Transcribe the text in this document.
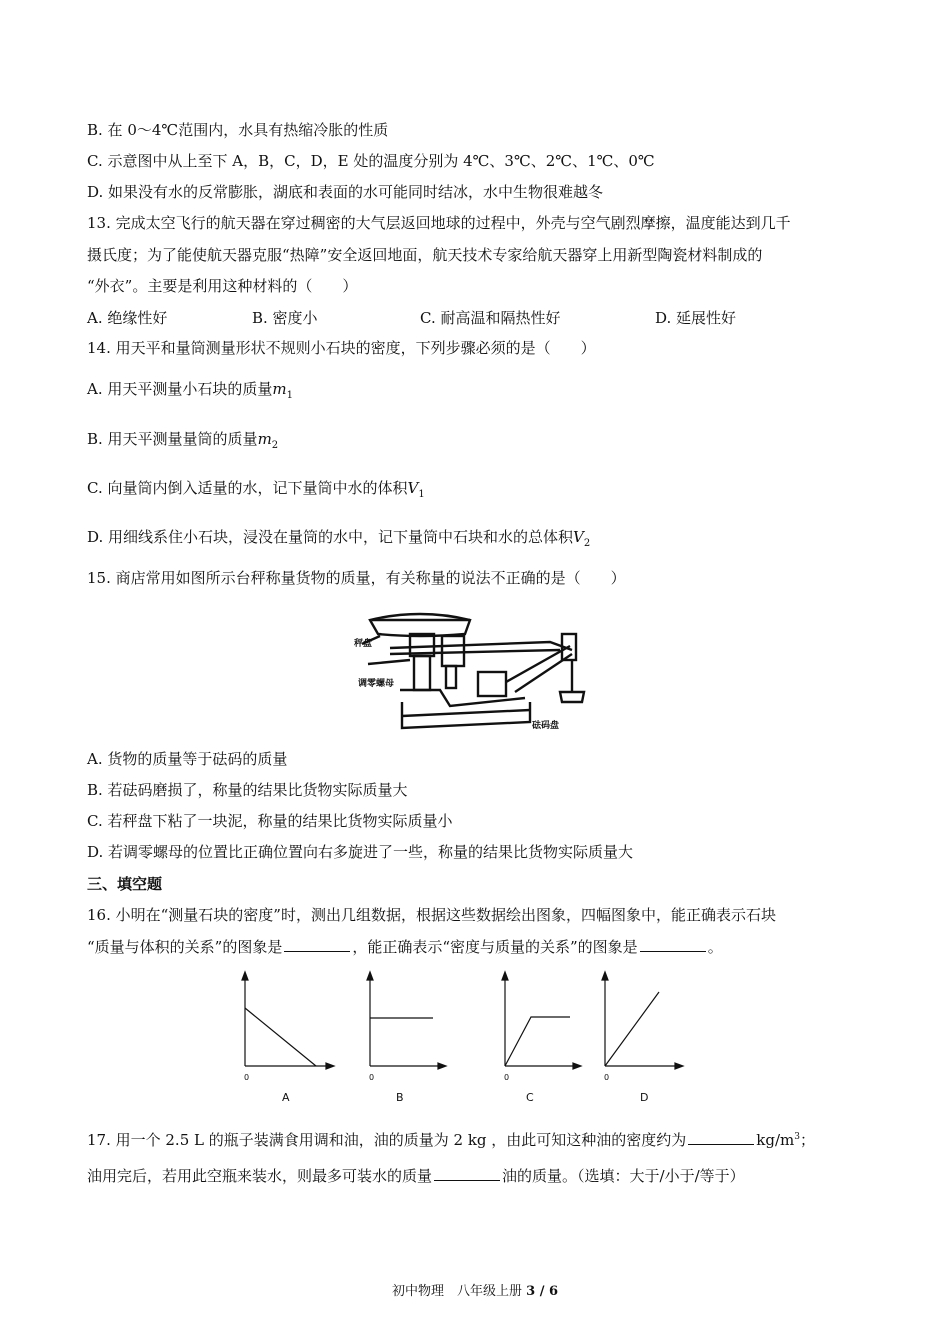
B. 在 0～4℃范围内，水具有热缩冷胀的性质
C. 示意图中从上至下 A，B，C，D，E 处的温度分别为 4℃、3℃、2℃、1℃、0℃
D. 如果没有水的反常膨胀，湖底和表面的水可能同时结冰，水中生物很难越冬
13. 完成太空飞行的航天器在穿过稠密的大气层返回地球的过程中，外壳与空气剧烈摩擦，温度能达到几千
摄氏度；为了能使航天器克服“热障”安全返回地面，航天技术专家给航天器穿上用新型陶瓷材料制成的
“外衣”。主要是利用这种材料的（　　）
A. 绝缘性好	B. 密度小	C. 耐高温和隔热性好	D. 延展性好
14. 用天平和量筒测量形状不规则小石块的密度，下列步骤必须的是（　　）
A. 用天平测量小石块的质量$m_1$
B. 用天平测量量筒的质量$m_2$
C. 向量筒内倒入适量的水，记下量筒中水的体积$V_1$
D. 用细线系住小石块，浸没在量筒的水中，记下量筒中石块和水的总体积$V_2$
15. 商店常用如图所示台秤称量货物的质量，有关称量的说法不正确的是（　　）
秤盘
调零螺母
砝码盘
A. 货物的质量等于砝码的质量
B. 若砝码磨损了，称量的结果比货物实际质量大
C. 若秤盘下粘了一块泥，称量的结果比货物实际质量小
D. 若调零螺母的位置比正确位置向右多旋进了一些，称量的结果比货物实际质量大
三、填空题
16. 小明在“测量石块的密度”时，测出几组数据，根据这些数据绘出图象，四幅图象中，能正确表示石块
“质量与体积的关系”的图象是	，能正确表示“密度与质量的关系”的图象是	。
0	0	0	0
A	B	C	D
17. 用一个 2.5 L 的瓶子装满食用调和油，油的质量为 2 kg ，由此可知这种油的密度约为	$kg/m^3$；
油用完后，若用此空瓶来装水，则最多可装水的质量	油的质量。（选填：大于/小于/等于）
初中物理　八年级上册 3 / 6
